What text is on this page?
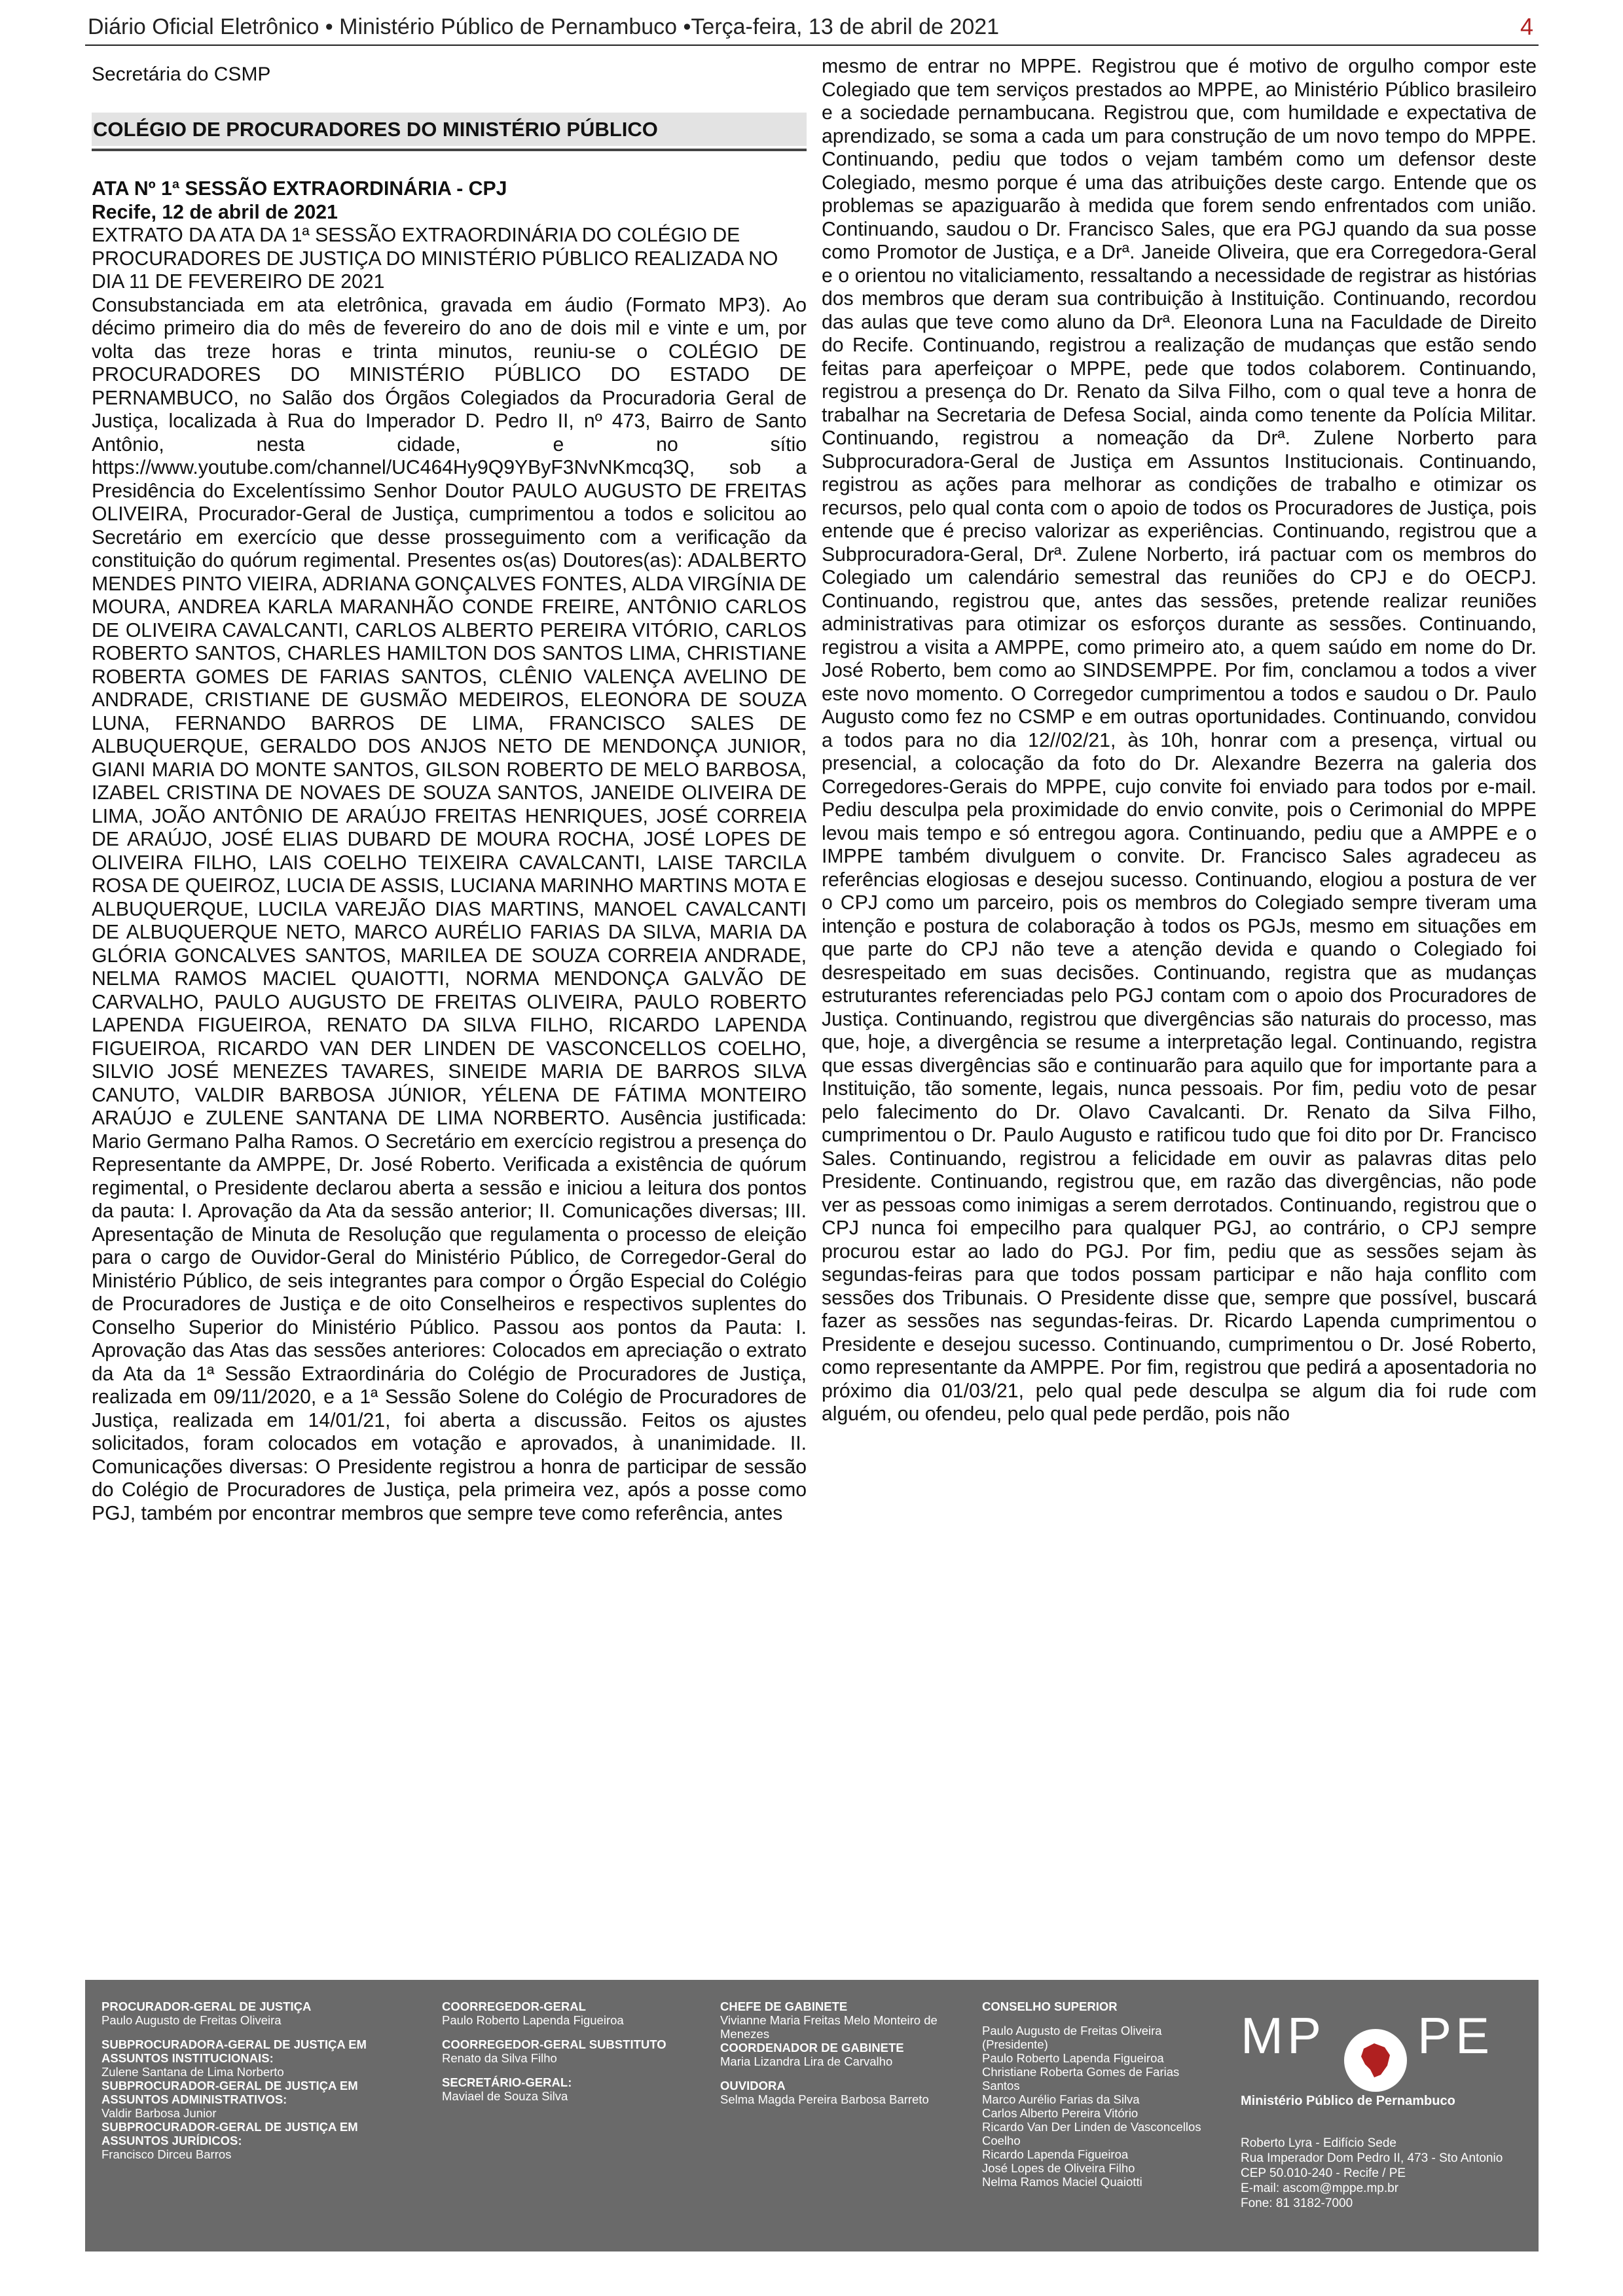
Diário Oficial Eletrônico • Ministério Público de Pernambuco •Terça-feira, 13 de abril de 2021	4
Secretária do CSMP
COLÉGIO DE PROCURADORES DO MINISTÉRIO PÚBLICO
ATA Nº 1ª SESSÃO EXTRAORDINÁRIA - CPJ
Recife, 12 de abril de 2021

EXTRATO DA ATA DA 1ª SESSÃO EXTRAORDINÁRIA DO COLÉGIO DE PROCURADORES DE JUSTIÇA DO MINISTÉRIO PÚBLICO REALIZADA NO DIA 11 DE FEVEREIRO DE 2021

Consubstanciada em ata eletrônica, gravada em áudio (Formato MP3). Ao décimo primeiro dia do mês de fevereiro do ano de dois mil e vinte e um, por volta das treze horas e trinta minutos, reuniu-se o COLÉGIO DE PROCURADORES DO MINISTÉRIO PÚBLICO DO ESTADO DE PERNAMBUCO, no Salão dos Órgãos Colegiados da Procuradoria Geral de Justiça, localizada à Rua do Imperador D. Pedro II, nº 473, Bairro de Santo Antônio, nesta cidade, e no sítio https://www.youtube.com/channel/UC464Hy9Q9YByF3NvNKmcq3Q, sob a Presidência do Excelentíssimo Senhor Doutor PAULO AUGUSTO DE FREITAS OLIVEIRA, Procurador-Geral de Justiça, cumprimentou a todos e solicitou ao Secretário em exercício que desse prosseguimento com a verificação da constituição do quórum regimental. Presentes os(as) Doutores(as): ADALBERTO MENDES PINTO VIEIRA, ADRIANA GONÇALVES FONTES, ALDA VIRGÍNIA DE MOURA, ANDREA KARLA MARANHÃO CONDE FREIRE, ANTÔNIO CARLOS DE OLIVEIRA CAVALCANTI, CARLOS ALBERTO PEREIRA VITÓRIO, CARLOS ROBERTO SANTOS, CHARLES HAMILTON DOS SANTOS LIMA, CHRISTIANE ROBERTA GOMES DE FARIAS SANTOS, CLÊNIO VALENÇA AVELINO DE ANDRADE, CRISTIANE DE GUSMÃO MEDEIROS, ELEONORA DE SOUZA LUNA, FERNANDO BARROS DE LIMA, FRANCISCO SALES DE ALBUQUERQUE, GERALDO DOS ANJOS NETO DE MENDONÇA JUNIOR, GIANI MARIA DO MONTE SANTOS, GILSON ROBERTO DE MELO BARBOSA, IZABEL CRISTINA DE NOVAES DE SOUZA SANTOS, JANEIDE OLIVEIRA DE LIMA, JOÃO ANTÔNIO DE ARAÚJO FREITAS HENRIQUES, JOSÉ CORREIA DE ARAÚJO, JOSÉ ELIAS DUBARD DE MOURA ROCHA, JOSÉ LOPES DE OLIVEIRA FILHO, LAIS COELHO TEIXEIRA CAVALCANTI, LAISE TARCILA ROSA DE QUEIROZ, LUCIA DE ASSIS, LUCIANA MARINHO MARTINS MOTA E ALBUQUERQUE, LUCILA VAREJÃO DIAS MARTINS, MANOEL CAVALCANTI DE ALBUQUERQUE NETO, MARCO AURÉLIO FARIAS DA SILVA, MARIA DA GLÓRIA GONCALVES SANTOS, MARILEA DE SOUZA CORREIA ANDRADE, NELMA RAMOS MACIEL QUAIOTTI, NORMA MENDONÇA GALVÃO DE CARVALHO, PAULO AUGUSTO DE FREITAS OLIVEIRA, PAULO ROBERTO LAPENDA FIGUEIROA, RENATO DA SILVA FILHO, RICARDO LAPENDA FIGUEIROA, RICARDO VAN DER LINDEN DE VASCONCELLOS COELHO, SILVIO JOSÉ MENEZES TAVARES, SINEIDE MARIA DE BARROS SILVA CANUTO, VALDIR BARBOSA JÚNIOR, YÉLENA DE FÁTIMA MONTEIRO ARAÚJO e ZULENE SANTANA DE LIMA NORBERTO. Ausência justificada: Mario Germano Palha Ramos. O Secretário em exercício registrou a presença do Representante da AMPPE, Dr. José Roberto. Verificada a existência de quórum regimental, o Presidente declarou aberta a sessão e iniciou a leitura dos pontos da pauta: I. Aprovação da Ata da sessão anterior; II. Comunicações diversas; III. Apresentação de Minuta de Resolução que regulamenta o processo de eleição para o cargo de Ouvidor-Geral do Ministério Público, de Corregedor-Geral do Ministério Público, de seis integrantes para compor o Órgão Especial do Colégio de Procuradores de Justiça e de oito Conselheiros e respectivos suplentes do Conselho Superior do Ministério Público. Passou aos pontos da Pauta: I. Aprovação das Atas das sessões anteriores: Colocados em apreciação o extrato da Ata da 1ª Sessão Extraordinária do Colégio de Procuradores de Justiça, realizada em 09/11/2020, e a 1ª Sessão Solene do Colégio de Procuradores de Justiça, realizada em 14/01/21, foi aberta a discussão. Feitos os ajustes solicitados, foram colocados em votação e aprovados, à unanimidade. II. Comunicações diversas: O Presidente registrou a honra de participar de sessão do Colégio de Procuradores de Justiça, pela primeira vez, após a posse como PGJ, também por encontrar membros que sempre teve como referência, antes

mesmo de entrar no MPPE. Registrou que é motivo de orgulho compor este Colegiado que tem serviços prestados ao MPPE, ao Ministério Público brasileiro e a sociedade pernambucana. Registrou que, com humildade e expectativa de aprendizado, se soma a cada um para construção de um novo tempo do MPPE. Continuando, pediu que todos o vejam também como um defensor deste Colegiado, mesmo porque é uma das atribuições deste cargo. Entende que os problemas se apaziguarão à medida que forem sendo enfrentados com união. Continuando, saudou o Dr. Francisco Sales, que era PGJ quando da sua posse como Promotor de Justiça, e a Drª. Janeide Oliveira, que era Corregedora-Geral e o orientou no vitaliciamento, ressaltando a necessidade de registrar as histórias dos membros que deram sua contribuição à Instituição. Continuando, recordou das aulas que teve como aluno da Drª. Eleonora Luna na Faculdade de Direito do Recife. Continuando, registrou a realização de mudanças que estão sendo feitas para aperfeiçoar o MPPE, pede que todos colaborem. Continuando, registrou a presença do Dr. Renato da Silva Filho, com o qual teve a honra de trabalhar na Secretaria de Defesa Social, ainda como tenente da Polícia Militar. Continuando, registrou a nomeação da Drª. Zulene Norberto para Subprocuradora-Geral de Justiça em Assuntos Institucionais. Continuando, registrou as ações para melhorar as condições de trabalho e otimizar os recursos, pelo qual conta com o apoio de todos os Procuradores de Justiça, pois entende que é preciso valorizar as experiências. Continuando, registrou que a Subprocuradora-Geral, Drª. Zulene Norberto, irá pactuar com os membros do Colegiado um calendário semestral das reuniões do CPJ e do OECPJ. Continuando, registrou que, antes das sessões, pretende realizar reuniões administrativas para otimizar os esforços durante as sessões. Continuando, registrou a visita a AMPPE, como primeiro ato, a quem saúdo em nome do Dr. José Roberto, bem como ao SINDSEMPPE. Por fim, conclamou a todos a viver este novo momento. O Corregedor cumprimentou a todos e saudou o Dr. Paulo Augusto como fez no CSMP e em outras oportunidades. Continuando, convidou a todos para no dia 12//02/21, às 10h, honrar com a presença, virtual ou presencial, a colocação da foto do Dr. Alexandre Bezerra na galeria dos Corregedores-Gerais do MPPE, cujo convite foi enviado para todos por e-mail. Pediu desculpa pela proximidade do envio convite, pois o Cerimonial do MPPE levou mais tempo e só entregou agora. Continuando, pediu que a AMPPE e o IMPPE também divulguem o convite. Dr. Francisco Sales agradeceu as referências elogiosas e desejou sucesso. Continuando, elogiou a postura de ver o CPJ como um parceiro, pois os membros do Colegiado sempre tiveram uma intenção e postura de colaboração à todos os PGJs, mesmo em situações em que parte do CPJ não teve a atenção devida e quando o Colegiado foi desrespeitado em suas decisões. Continuando, registra que as mudanças estruturantes referenciadas pelo PGJ contam com o apoio dos Procuradores de Justiça. Continuando, registrou que divergências são naturais do processo, mas que, hoje, a divergência se resume a interpretação legal. Continuando, registra que essas divergências são e continuarão para aquilo que for importante para a Instituição, tão somente, legais, nunca pessoais. Por fim, pediu voto de pesar pelo falecimento do Dr. Olavo Cavalcanti. Dr. Renato da Silva Filho, cumprimentou o Dr. Paulo Augusto e ratificou tudo que foi dito por Dr. Francisco Sales. Continuando, registrou a felicidade em ouvir as palavras ditas pelo Presidente. Continuando, registrou que, em razão das divergências, não pode ver as pessoas como inimigas a serem derrotados. Continuando, registrou que o CPJ nunca foi empecilho para qualquer PGJ, ao contrário, o CPJ sempre procurou estar ao lado do PGJ. Por fim, pediu que as sessões sejam às segundas-feiras para que todos possam participar e não haja conflito com sessões dos Tribunais. O Presidente disse que, sempre que possível, buscará fazer as sessões nas segundas-feiras. Dr. Ricardo Lapenda cumprimentou o Presidente e desejou sucesso. Continuando, cumprimentou o Dr. José Roberto, como representante da AMPPE. Por fim, registrou que pedirá a aposentadoria no próximo dia 01/03/21, pelo qual pede desculpa se algum dia foi rude com alguém, ou ofendeu, pelo qual pede perdão, pois não

PROCURADOR-GERAL DE JUSTIÇA
Paulo Augusto de Freitas Oliveira
SUBPROCURADORA-GERAL DE JUSTIÇA EM ASSUNTOS INSTITUCIONAIS:
Zulene Santana de Lima Norberto
SUBPROCURADOR-GERAL DE JUSTIÇA EM ASSUNTOS ADMINISTRATIVOS:
Valdir Barbosa Junior
SUBPROCURADOR-GERAL DE JUSTIÇA EM ASSUNTOS JURÍDICOS:
Francisco Dirceu Barros
COORREGEDOR-GERAL
Paulo Roberto Lapenda Figueiroa
COORREGEDOR-GERAL SUBSTITUTO
Renato da Silva Filho
SECRETÁRIO-GERAL:
Maviael de Souza Silva
CHEFE DE GABINETE
Vivianne Maria Freitas Melo Monteiro de Menezes
COORDENADOR DE GABINETE
Maria Lizandra Lira de Carvalho
OUVIDORA
Selma Magda Pereira Barbosa Barreto
CONSELHO SUPERIOR
Paulo Augusto de Freitas Oliveira (Presidente)
Paulo Roberto Lapenda Figueiroa
Christiane Roberta Gomes de Farias Santos
Marco Aurélio Farias da Silva
Carlos Alberto Pereira Vitório
Ricardo Van Der Linden de Vasconcellos Coelho
Ricardo Lapenda Figueiroa
José Lopes de Oliveira Filho
Nelma Ramos Maciel Quaiotti
MP PE
Ministério Público de Pernambuco
Roberto Lyra - Edifício Sede
Rua Imperador Dom Pedro II, 473 - Sto Antonio
CEP 50.010-240 - Recife / PE
E-mail: ascom@mppe.mp.br
Fone: 81 3182-7000
